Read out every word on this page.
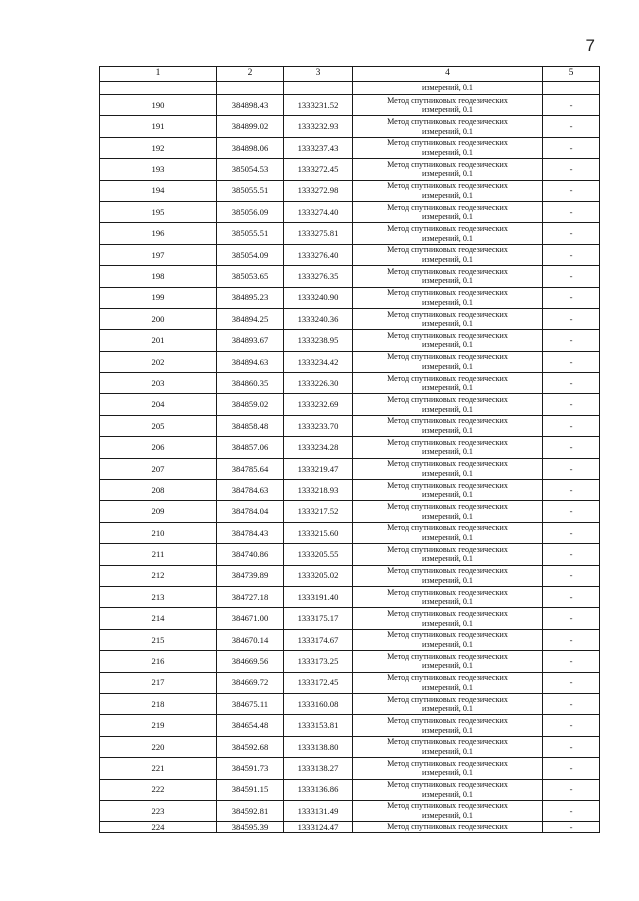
7
1	2	3	4	5
			измерений, 0.1	
190	384898.43	1333231.52	Метод спутниковых геодезических
измерений, 0.1	-
191	384899.02	1333232.93	Метод спутниковых геодезических
измерений, 0.1	-
192	384898.06	1333237.43	Метод спутниковых геодезических
измерений, 0.1	-
193	385054.53	1333272.45	Метод спутниковых геодезических
измерений, 0.1	-
194	385055.51	1333272.98	Метод спутниковых геодезических
измерений, 0.1	-
195	385056.09	1333274.40	Метод спутниковых геодезических
измерений, 0.1	-
196	385055.51	1333275.81	Метод спутниковых геодезических
измерений, 0.1	-
197	385054.09	1333276.40	Метод спутниковых геодезических
измерений, 0.1	-
198	385053.65	1333276.35	Метод спутниковых геодезических
измерений, 0.1	-
199	384895.23	1333240.90	Метод спутниковых геодезических
измерений, 0.1	-
200	384894.25	1333240.36	Метод спутниковых геодезических
измерений, 0.1	-
201	384893.67	1333238.95	Метод спутниковых геодезических
измерений, 0.1	-
202	384894.63	1333234.42	Метод спутниковых геодезических
измерений, 0.1	-
203	384860.35	1333226.30	Метод спутниковых геодезических
измерений, 0.1	-
204	384859.02	1333232.69	Метод спутниковых геодезических
измерений, 0.1	-
205	384858.48	1333233.70	Метод спутниковых геодезических
измерений, 0.1	-
206	384857.06	1333234.28	Метод спутниковых геодезических
измерений, 0.1	-
207	384785.64	1333219.47	Метод спутниковых геодезических
измерений, 0.1	-
208	384784.63	1333218.93	Метод спутниковых геодезических
измерений, 0.1	-
209	384784.04	1333217.52	Метод спутниковых геодезических
измерений, 0.1	-
210	384784.43	1333215.60	Метод спутниковых геодезических
измерений, 0.1	-
211	384740.86	1333205.55	Метод спутниковых геодезических
измерений, 0.1	-
212	384739.89	1333205.02	Метод спутниковых геодезических
измерений, 0.1	-
213	384727.18	1333191.40	Метод спутниковых геодезических
измерений, 0.1	-
214	384671.00	1333175.17	Метод спутниковых геодезических
измерений, 0.1	-
215	384670.14	1333174.67	Метод спутниковых геодезических
измерений, 0.1	-
216	384669.56	1333173.25	Метод спутниковых геодезических
измерений, 0.1	-
217	384669.72	1333172.45	Метод спутниковых геодезических
измерений, 0.1	-
218	384675.11	1333160.08	Метод спутниковых геодезических
измерений, 0.1	-
219	384654.48	1333153.81	Метод спутниковых геодезических
измерений, 0.1	-
220	384592.68	1333138.80	Метод спутниковых геодезических
измерений, 0.1	-
221	384591.73	1333138.27	Метод спутниковых геодезических
измерений, 0.1	-
222	384591.15	1333136.86	Метод спутниковых геодезических
измерений, 0.1	-
223	384592.81	1333131.49	Метод спутниковых геодезических
измерений, 0.1	-
224	384595.39	1333124.47	Метод спутниковых геодезических	-
